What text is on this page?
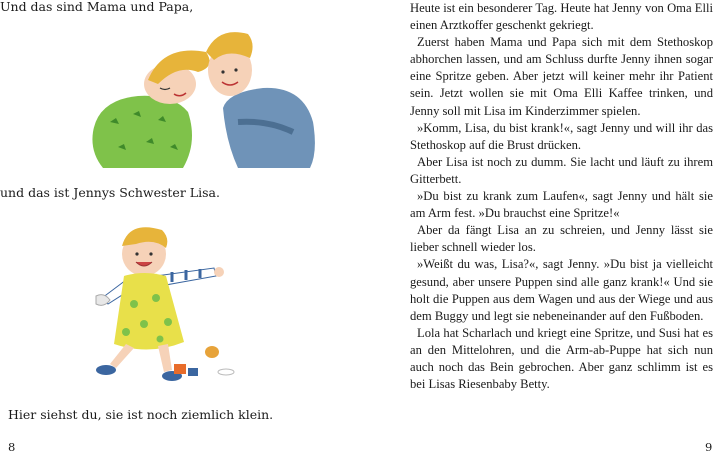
Und das sind Mama und Papa,
und das ist Jennys Schwester Lisa.
Hier siehst du, sie ist noch ziemlich klein.
8

Heute ist ein besonderer Tag. Heute hat Jenny von Oma Elli einen Arztkoffer geschenkt gekriegt.

Zuerst haben Mama und Papa sich mit dem Stethoskop abhorchen lassen, und am Schluss durfte Jenny ihnen sogar eine Spritze geben. Aber jetzt will keiner mehr ihr Patient sein. Jetzt wollen sie mit Oma Elli Kaffee trinken, und Jenny soll mit Lisa im Kinderzimmer spielen.

»Komm, Lisa, du bist krank!«, sagt Jenny und will ihr das Stethoskop auf die Brust drücken.

Aber Lisa ist noch zu dumm. Sie lacht und läuft zu ihrem Gitterbett.

»Du bist zu krank zum Laufen«, sagt Jenny und hält sie am Arm fest. »Du brauchst eine Spritze!«

Aber da fängt Lisa an zu schreien, und Jenny lässt sie lieber schnell wieder los.

»Weißt du was, Lisa?«, sagt Jenny. »Du bist ja vielleicht gesund, aber unsere Puppen sind alle ganz krank!« Und sie holt die Puppen aus dem Wagen und aus der Wiege und aus dem Buggy und legt sie nebeneinander auf den Fußboden.

Lola hat Scharlach und kriegt eine Spritze, und Susi hat es an den Mittelohren, und die Arm-ab-Puppe hat sich nun auch noch das Bein gebrochen. Aber ganz schlimm ist es bei Lisas Riesenbaby Betty.

9
